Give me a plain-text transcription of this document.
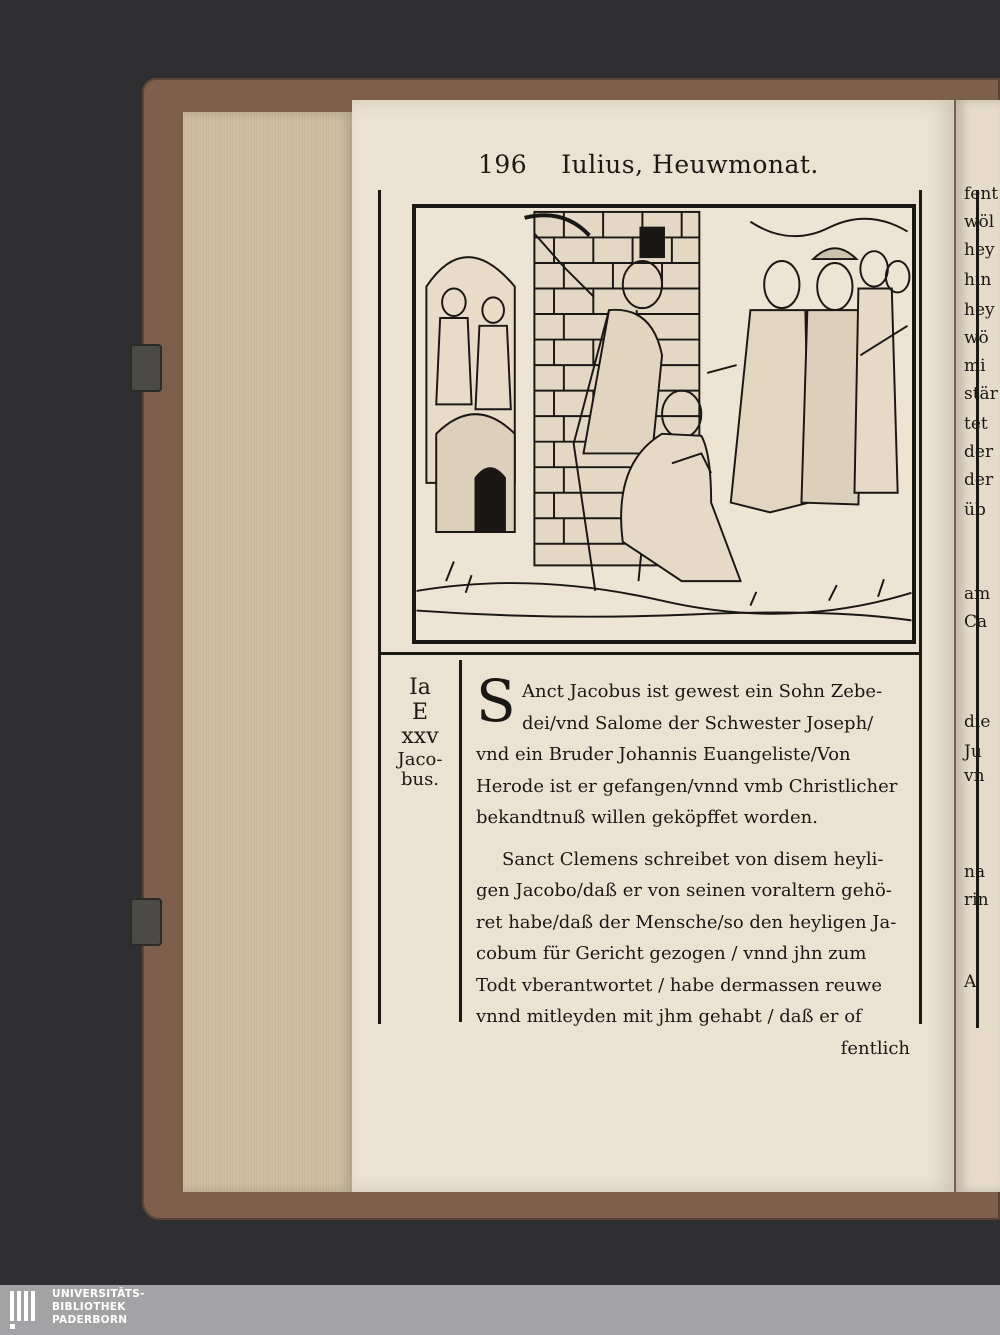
196 Iulius, Heuwmonat.
Ia
E
xxv
Jaco-
bus.
S Anct Jacobus ist gewest ein Sohn Zebe-
dei/vnd Salome der Schwester Joseph/
vnd ein Bruder Johannis Euangeliste/Von
Herode ist er gefangen/vnnd vmb Christlicher
bekandtnuß willen geköpffet worden.
Sanct Clemens schreibet von disem heyli-
gen Jacobo/daß er von seinen voraltern gehö-
ret habe/daß der Mensche/so den heyligen Ja-
cobum für Gericht gezogen / vnnd jhn zum
Todt vberantwortet / habe dermassen reuwe
vnnd mitleyden mit jhm gehabt / daß er of
fentlich
fent
wöl
hey
hin
hey
wö
mi
stär
tet
der
der
üb
am
Ca
die
Ju
vn
na
rin
A
UNIVERSITÄTS-
BIBLIOTHEK
PADERBORN
